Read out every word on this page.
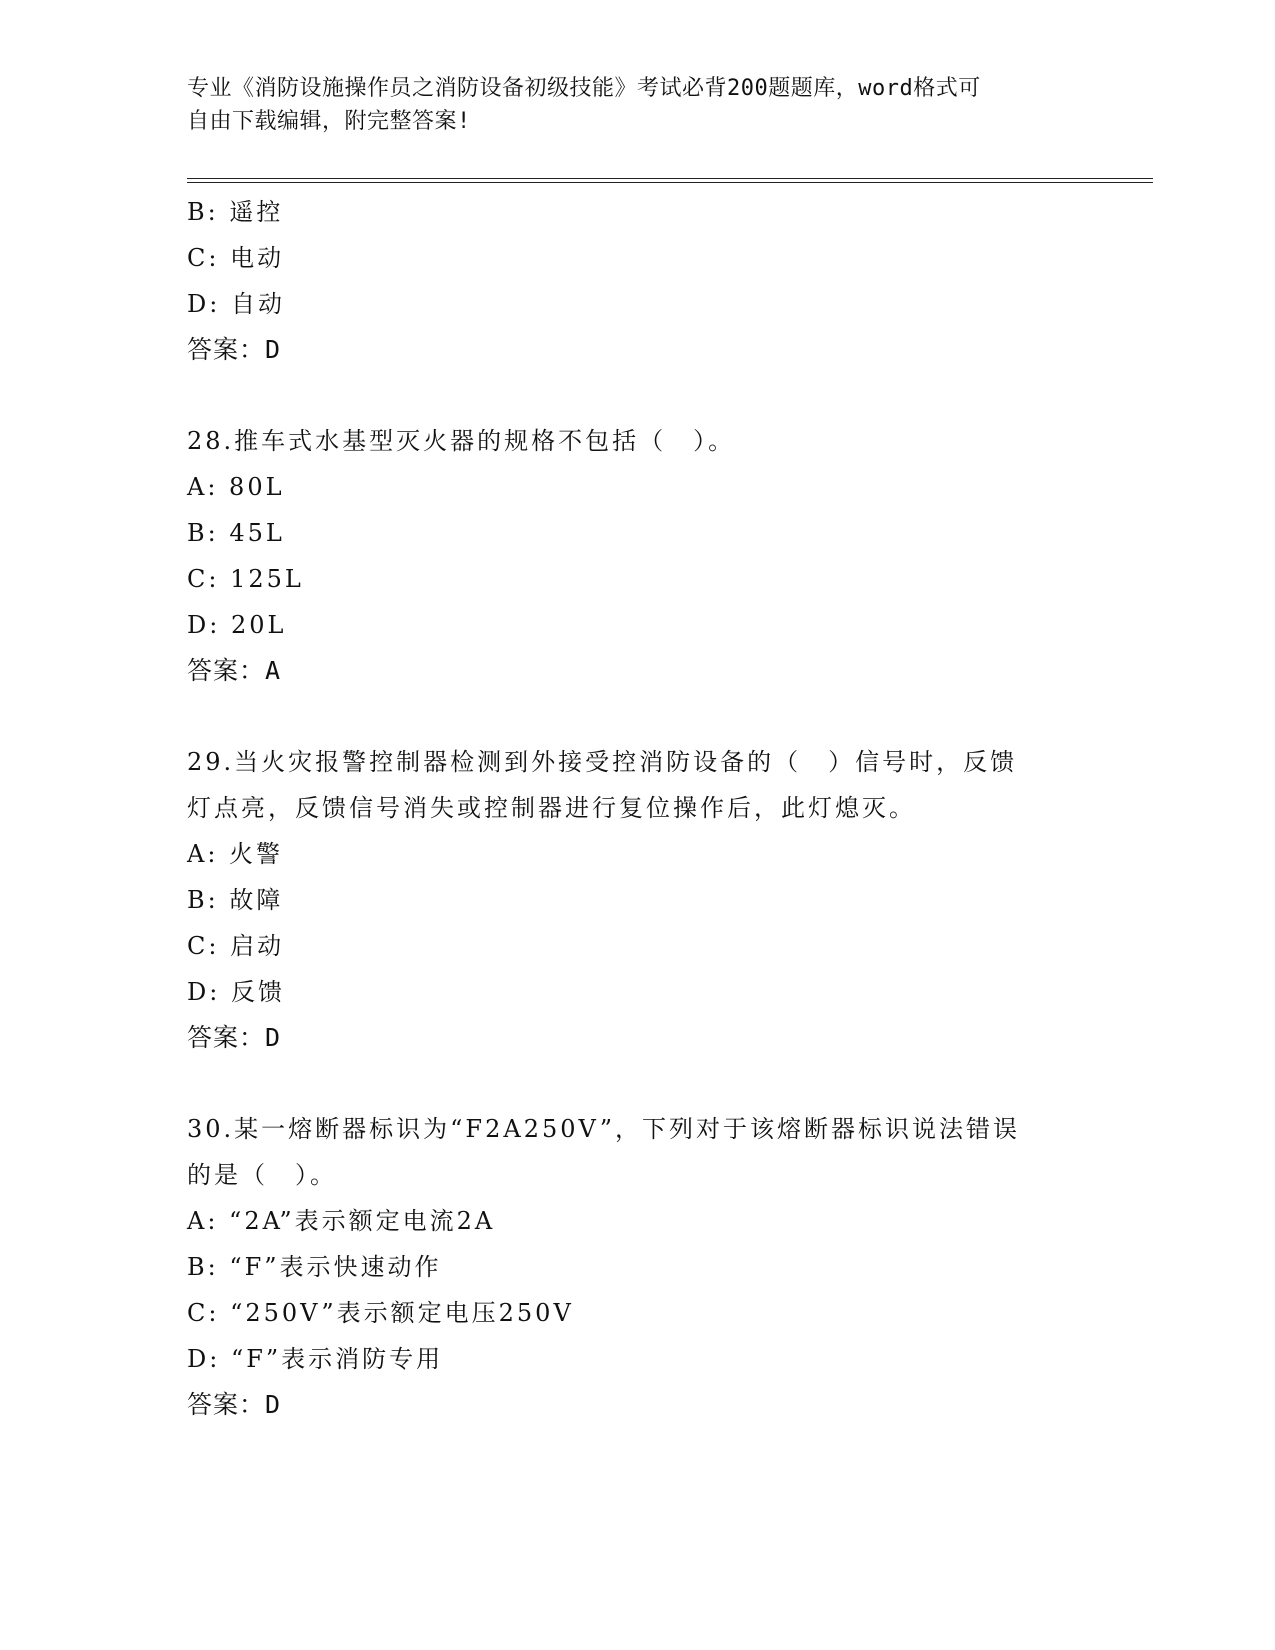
专业《消防设施操作员之消防设备初级技能》考试必背200题题库，word格式可
自由下载编辑，附完整答案!
B: 遥控
C: 电动
D: 自动
答案：D
28.推车式水基型灭火器的规格不包括（　）。
A: 80L
B: 45L
C: 125L
D: 20L
答案：A
29.当火灾报警控制器检测到外接受控消防设备的（　）信号时，反馈
灯点亮，反馈信号消失或控制器进行复位操作后，此灯熄灭。
A: 火警
B: 故障
C: 启动
D: 反馈
答案：D
30.某一熔断器标识为“F2A250V”，下列对于该熔断器标识说法错误
的是（　）。
A: “2A”表示额定电流2A
B: “F”表示快速动作
C: “250V”表示额定电压250V
D: “F”表示消防专用
答案：D
